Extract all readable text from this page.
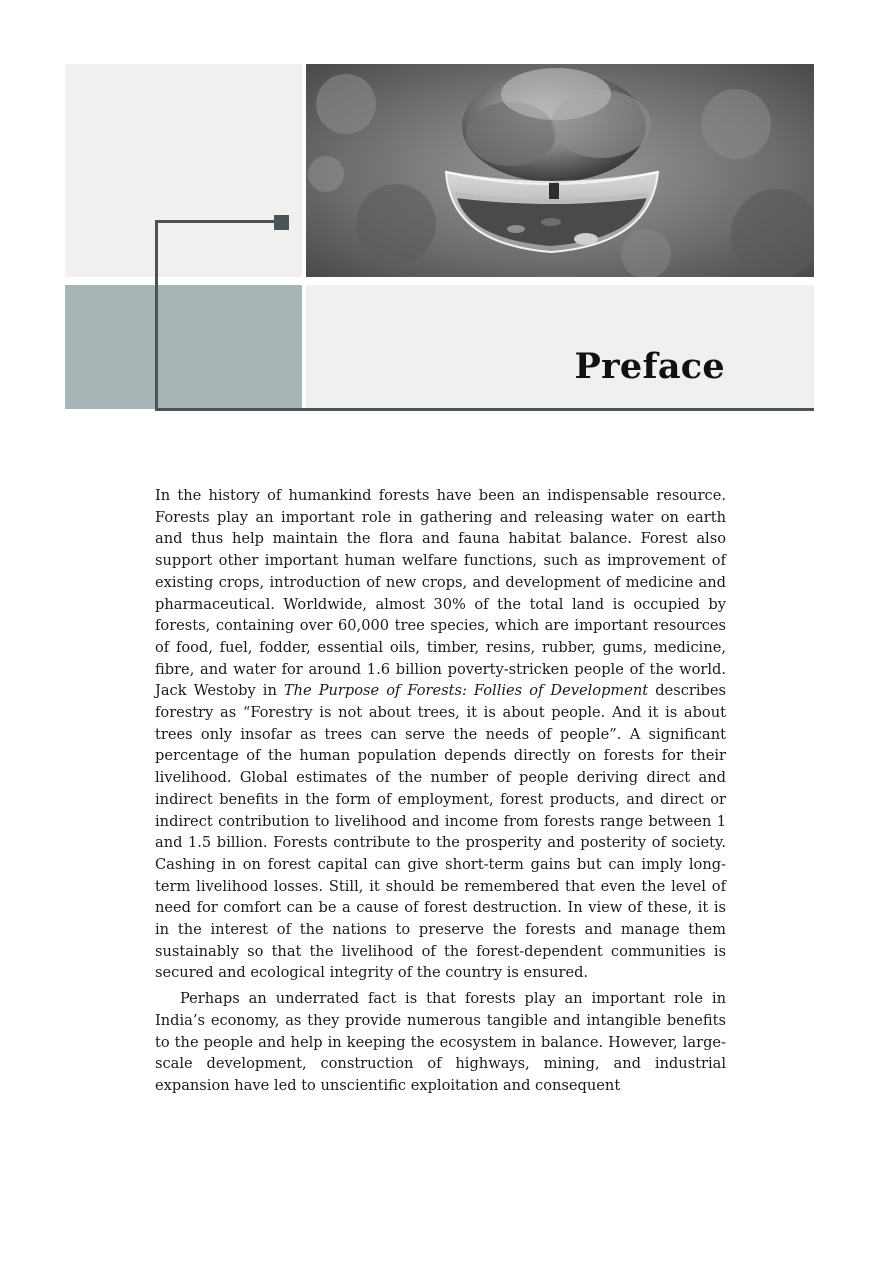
Preface

In the history of humankind forests have been an indispensable resource. Forests play an important role in gathering and releasing water on earth and thus help maintain the flora and fauna habitat balance. Forest also support other important human welfare functions, such as improvement of existing crops, introduction of new crops, and development of medicine and pharmaceutical. Worldwide, almost 30% of the total land is occupied by forests, containing over 60,000 tree species, which are important resources of food, fuel, fodder, essential oils, timber, resins, rubber, gums, medicine, fibre, and water for around 1.6 billion poverty-stricken people of the world. Jack Westoby in The Purpose of Forests: Follies of Development describes forestry as “Forestry is not about trees, it is about people. And it is about trees only insofar as trees can serve the needs of people”. A significant percentage of the human population depends directly on forests for their livelihood. Global estimates of the number of people deriving direct and indirect benefits in the form of employment, forest products, and direct or indirect contribution to livelihood and income from forests range between 1 and 1.5 billion. Forests contribute to the prosperity and posterity of society. Cashing in on forest capital can give short-term gains but can imply long-term livelihood losses. Still, it should be remembered that even the level of need for comfort can be a cause of forest destruction. In view of these, it is in the interest of the nations to preserve the forests and manage them sustainably so that the livelihood of the forest-dependent communities is secured and ecological integrity of the country is ensured.

Perhaps an underrated fact is that forests play an important role in India’s economy, as they provide numerous tangible and intangible benefits to the people and help in keeping the ecosystem in balance. However, large-scale development, construction of highways, mining, and industrial expansion have led to unscientific exploitation and consequent
